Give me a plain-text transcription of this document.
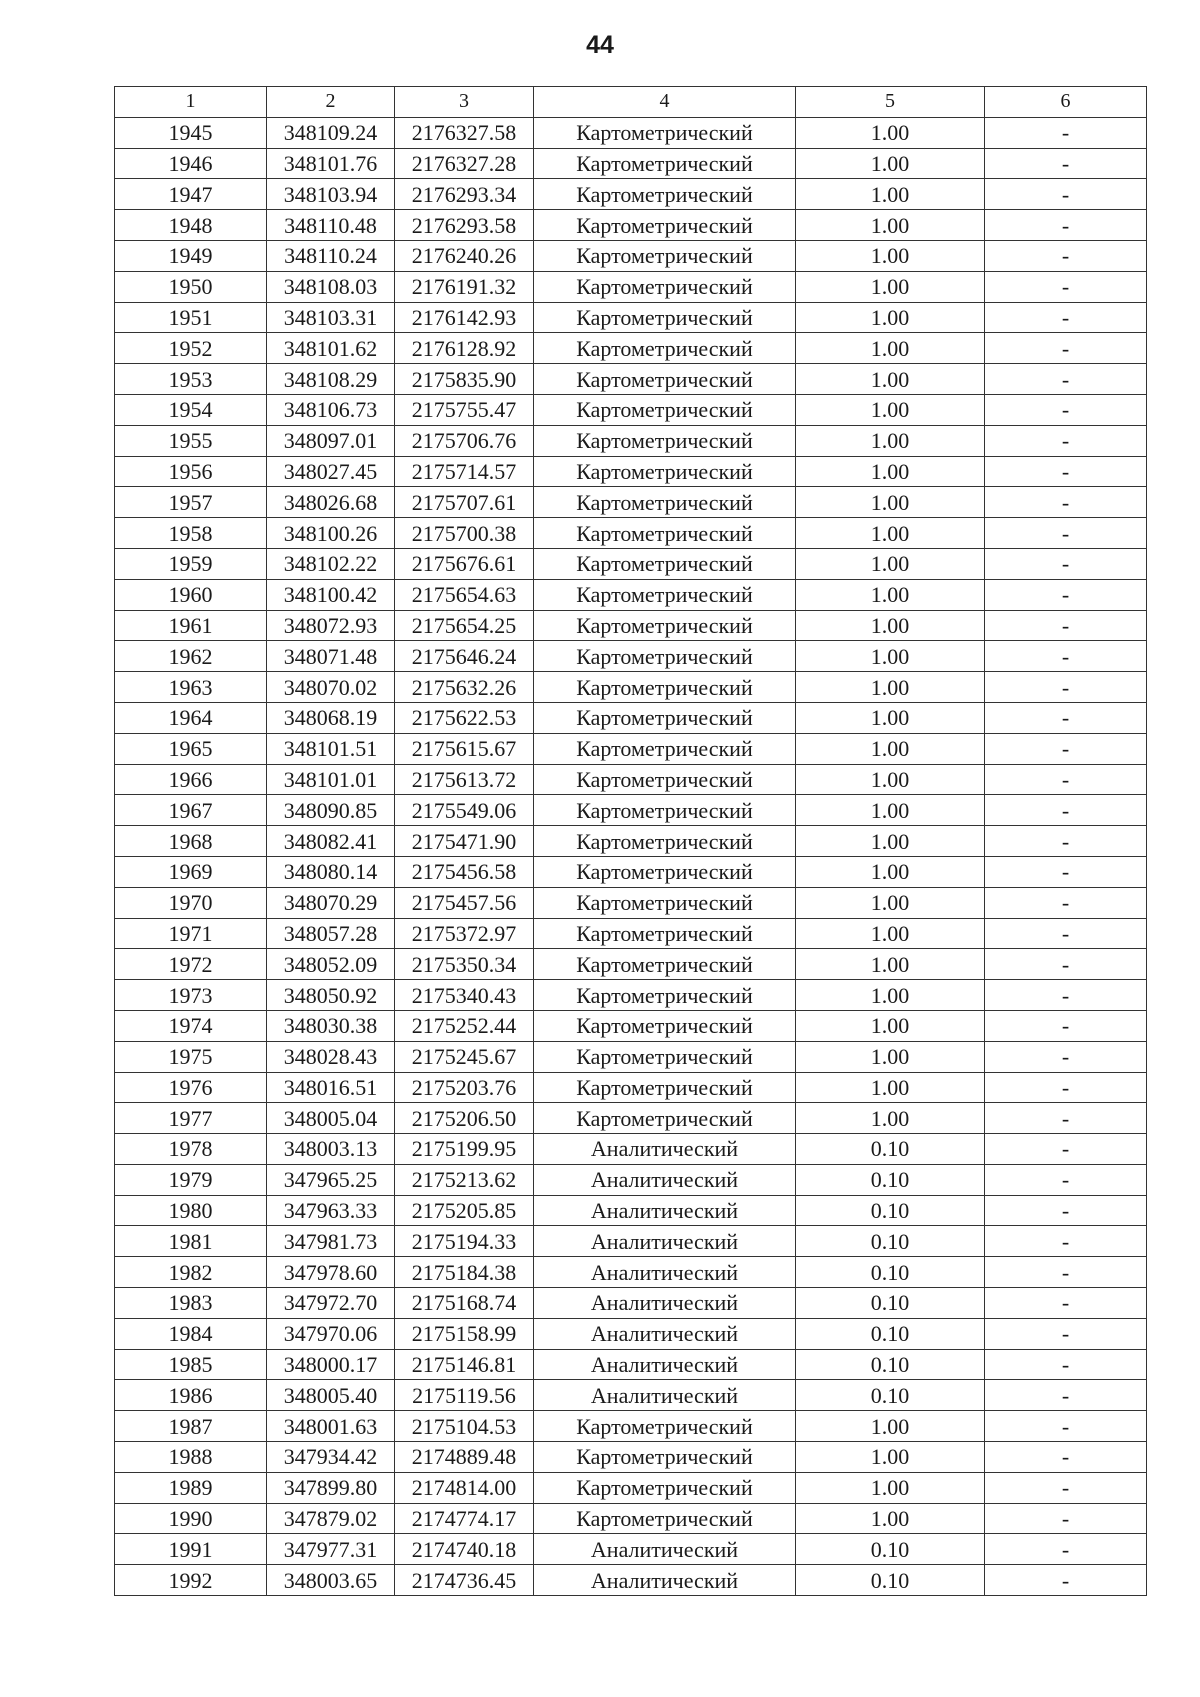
44
1	2	3	4	5	6
1945	348109.24	2176327.58	Картометрический	1.00	-
1946	348101.76	2176327.28	Картометрический	1.00	-
1947	348103.94	2176293.34	Картометрический	1.00	-
1948	348110.48	2176293.58	Картометрический	1.00	-
1949	348110.24	2176240.26	Картометрический	1.00	-
1950	348108.03	2176191.32	Картометрический	1.00	-
1951	348103.31	2176142.93	Картометрический	1.00	-
1952	348101.62	2176128.92	Картометрический	1.00	-
1953	348108.29	2175835.90	Картометрический	1.00	-
1954	348106.73	2175755.47	Картометрический	1.00	-
1955	348097.01	2175706.76	Картометрический	1.00	-
1956	348027.45	2175714.57	Картометрический	1.00	-
1957	348026.68	2175707.61	Картометрический	1.00	-
1958	348100.26	2175700.38	Картометрический	1.00	-
1959	348102.22	2175676.61	Картометрический	1.00	-
1960	348100.42	2175654.63	Картометрический	1.00	-
1961	348072.93	2175654.25	Картометрический	1.00	-
1962	348071.48	2175646.24	Картометрический	1.00	-
1963	348070.02	2175632.26	Картометрический	1.00	-
1964	348068.19	2175622.53	Картометрический	1.00	-
1965	348101.51	2175615.67	Картометрический	1.00	-
1966	348101.01	2175613.72	Картометрический	1.00	-
1967	348090.85	2175549.06	Картометрический	1.00	-
1968	348082.41	2175471.90	Картометрический	1.00	-
1969	348080.14	2175456.58	Картометрический	1.00	-
1970	348070.29	2175457.56	Картометрический	1.00	-
1971	348057.28	2175372.97	Картометрический	1.00	-
1972	348052.09	2175350.34	Картометрический	1.00	-
1973	348050.92	2175340.43	Картометрический	1.00	-
1974	348030.38	2175252.44	Картометрический	1.00	-
1975	348028.43	2175245.67	Картометрический	1.00	-
1976	348016.51	2175203.76	Картометрический	1.00	-
1977	348005.04	2175206.50	Картометрический	1.00	-
1978	348003.13	2175199.95	Аналитический	0.10	-
1979	347965.25	2175213.62	Аналитический	0.10	-
1980	347963.33	2175205.85	Аналитический	0.10	-
1981	347981.73	2175194.33	Аналитический	0.10	-
1982	347978.60	2175184.38	Аналитический	0.10	-
1983	347972.70	2175168.74	Аналитический	0.10	-
1984	347970.06	2175158.99	Аналитический	0.10	-
1985	348000.17	2175146.81	Аналитический	0.10	-
1986	348005.40	2175119.56	Аналитический	0.10	-
1987	348001.63	2175104.53	Картометрический	1.00	-
1988	347934.42	2174889.48	Картометрический	1.00	-
1989	347899.80	2174814.00	Картометрический	1.00	-
1990	347879.02	2174774.17	Картометрический	1.00	-
1991	347977.31	2174740.18	Аналитический	0.10	-
1992	348003.65	2174736.45	Аналитический	0.10	-
